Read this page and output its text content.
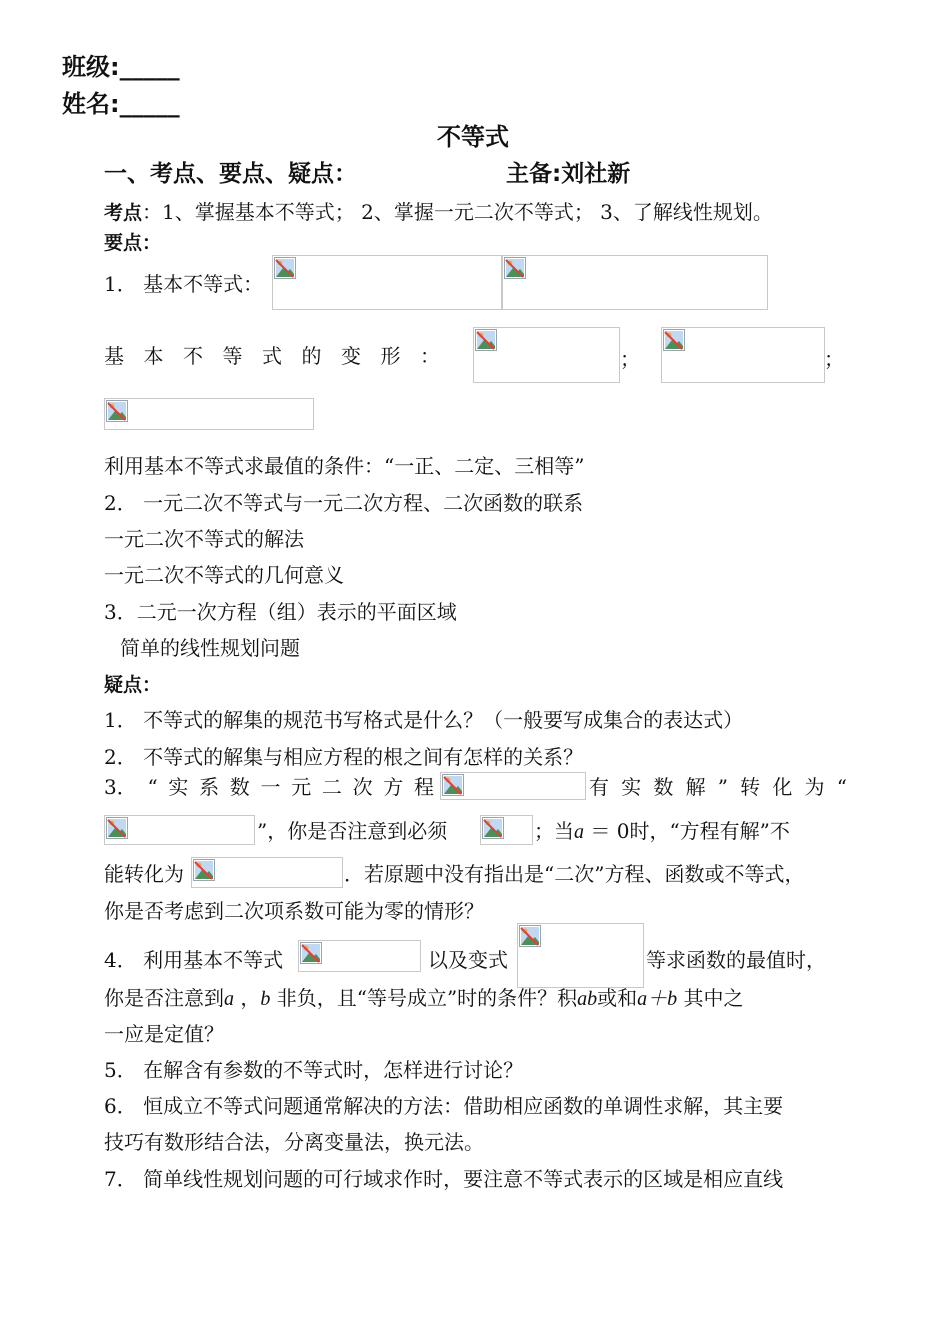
班级:_____
姓名:_____
不等式
一、考点、要点、疑点：	主备:刘社新
考点：1、掌握基本不等式； 2、掌握一元二次不等式； 3、了解线性规划。
要点：
1． 基本不等式：
基 本 不 等 式 的 变 形 ：	；	；
利用基本不等式求最值的条件：“一正、二定、三相等”
2． 一元二次不等式与一元二次方程、二次函数的联系
一元二次不等式的解法
一元二次不等式的几何意义
3．二元一次方程（组）表示的平面区域
简单的线性规划问题
疑点：
1． 不等式的解集的规范书写格式是什么？（一般要写成集合的表达式）
2． 不等式的解集与相应方程的根之间有怎样的关系？
3． “ 实 系 数 一 元 二 次 方 程	有 实 数 解 ” 转 化 为 “
”，你是否注意到必须	；当a ＝ 0时，“方程有解”不
能转化为	．若原题中没有指出是“二次”方程、函数或不等式，
你是否考虑到二次项系数可能为零的情形？
4． 利用基本不等式	以及变式	等求函数的最值时，
你是否注意到a ，b 非负，且“等号成立”时的条件？积ab或和a＋b 其中之
一应是定值？
5． 在解含有参数的不等式时，怎样进行讨论？
6． 恒成立不等式问题通常解决的方法：借助相应函数的单调性求解，其主要
技巧有数形结合法，分离变量法，换元法。
7． 简单线性规划问题的可行域求作时，要注意不等式表示的区域是相应直线
